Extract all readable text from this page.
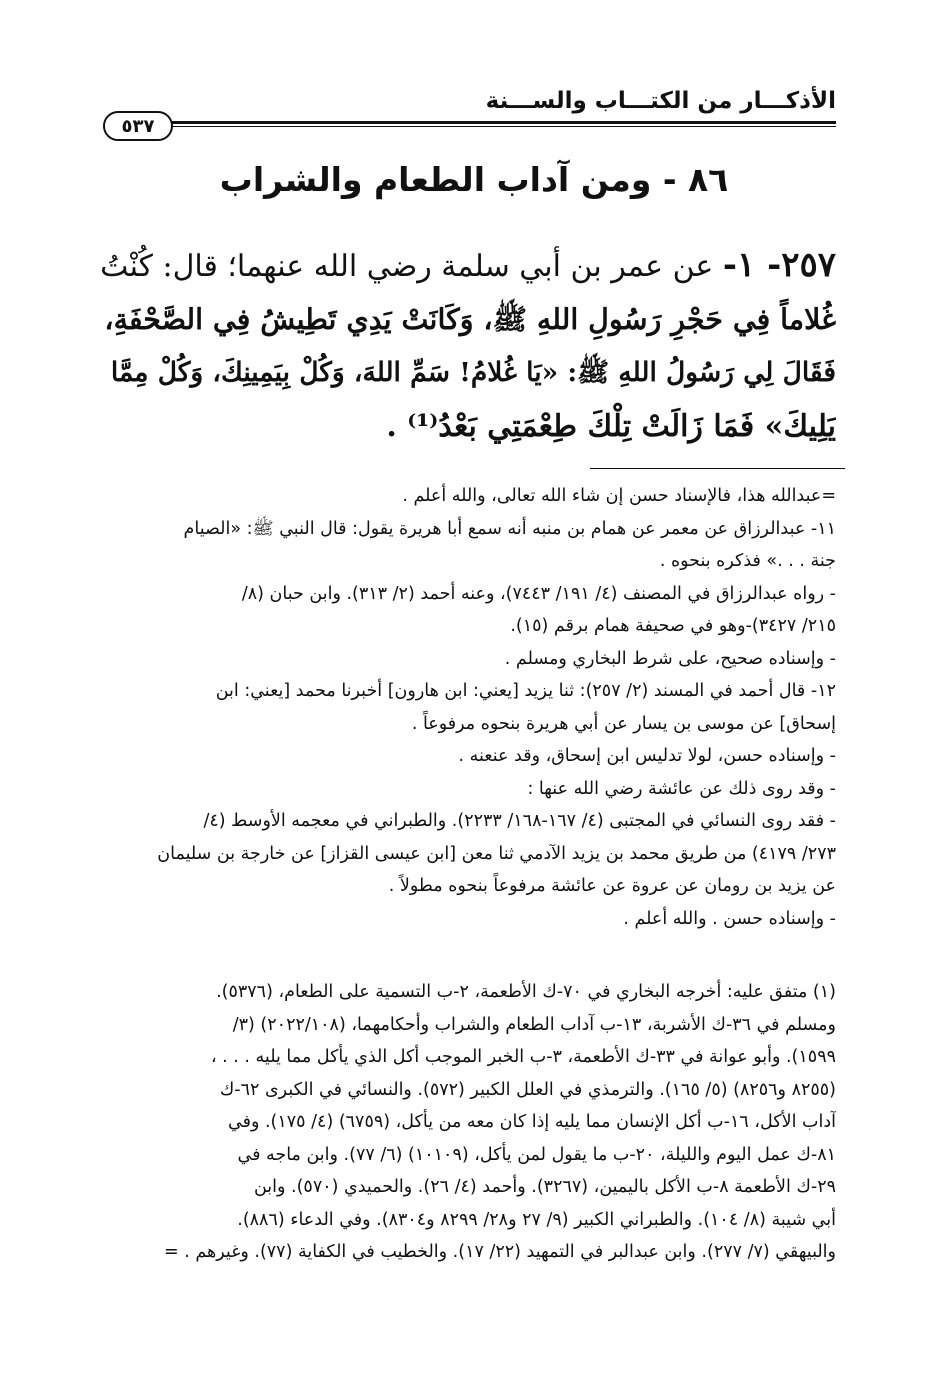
الأذكـــار من الكتـــاب والســـنة
٥٣٧
٨٦ - ومن آداب الطعام والشراب
٢٥٧- ١- عن عمر بن أبي سلمة رضي الله عنهما؛ قال: كُنْتُ
غُلاماً فِي حَجْرِ رَسُولِ اللهِ ﷺ، وَكَانَتْ يَدِي تَطِيشُ فِي الصَّحْفَةِ،
فَقَالَ لِي رَسُولُ اللهِ ﷺ: «يَا غُلامُ! سَمِّ اللهَ، وَكُلْ بِيَمِينِكَ، وَكُلْ مِمَّا
يَلِيكَ» فَمَا زَالَتْ تِلْكَ طِعْمَتِي بَعْدُ⁽¹⁾ .
=عبدالله هذا، فالإسناد حسن إن شاء الله تعالى، والله أعلم .
١١- عبدالرزاق عن معمر عن همام بن منبه أنه سمع أبا هريرة يقول: قال النبي ﷺ: «الصيام
جنة . . .» فذكره بنحوه .
- رواه عبدالرزاق في المصنف (٤/ ١٩١/ ٧٤٤٣)، وعنه أحمد (٢/ ٣١٣). وابن حبان (٨/
٢١٥/ ٣٤٢٧)-وهو في صحيفة همام برقم (١٥).
- وإسناده صحيح، على شرط البخاري ومسلم .
١٢- قال أحمد في المسند (٢/ ٢٥٧): ثنا يزيد [يعني: ابن هارون] أخبرنا محمد [يعني: ابن
إسحاق] عن موسى بن يسار عن أبي هريرة بنحوه مرفوعاً .
- وإسناده حسن، لولا تدليس ابن إسحاق، وقد عنعنه .
- وقد روى ذلك عن عائشة رضي الله عنها :
- فقد روى النسائي في المجتبى (٤/ ١٦٧-١٦٨/ ٢٢٣٣). والطبراني في معجمه الأوسط (٤/
٢٧٣/ ٤١٧٩) من طريق محمد بن يزيد الآدمي ثنا معن [ابن عيسى القزاز] عن خارجة بن سليمان
عن يزيد بن رومان عن عروة عن عائشة مرفوعاً بنحوه مطولاً .
- وإسناده حسن . والله أعلم .
(١) متفق عليه: أخرجه البخاري في ٧٠-ك الأطعمة، ٢-ب التسمية على الطعام، (٥٣٧٦).
ومسلم في ٣٦-ك الأشربة، ١٣-ب آداب الطعام والشراب وأحكامهما، (٢٠٢٢/١٠٨) (٣/
١٥٩٩). وأبو عوانة في ٣٣-ك الأطعمة، ٣-ب الخبر الموجب أكل الذي يأكل مما يليه . . . ،
(٨٢٥٥ و٨٢٥٦) (٥/ ١٦٥). والترمذي في العلل الكبير (٥٧٢). والنسائي في الكبرى ٦٢-ك
آداب الأكل، ١٦-ب أكل الإنسان مما يليه إذا كان معه من يأكل، (٦٧٥٩) (٤/ ١٧٥). وفي
٨١-ك عمل اليوم والليلة، ٢٠-ب ما يقول لمن يأكل، (١٠١٠٩) (٦/ ٧٧). وابن ماجه في
٢٩-ك الأطعمة ٨-ب الأكل باليمين، (٣٢٦٧). وأحمد (٤/ ٢٦). والحميدي (٥٧٠). وابن
أبي شيبة (٨/ ١٠٤). والطبراني الكبير (٩/ ٢٧ و٢٨/ ٨٢٩٩ و٨٣٠٤). وفي الدعاء (٨٨٦).
والبيهقي (٧/ ٢٧٧). وابن عبدالبر في التمهيد (٢٢/ ١٧). والخطيب في الكفاية (٧٧). وغيرهم . =
